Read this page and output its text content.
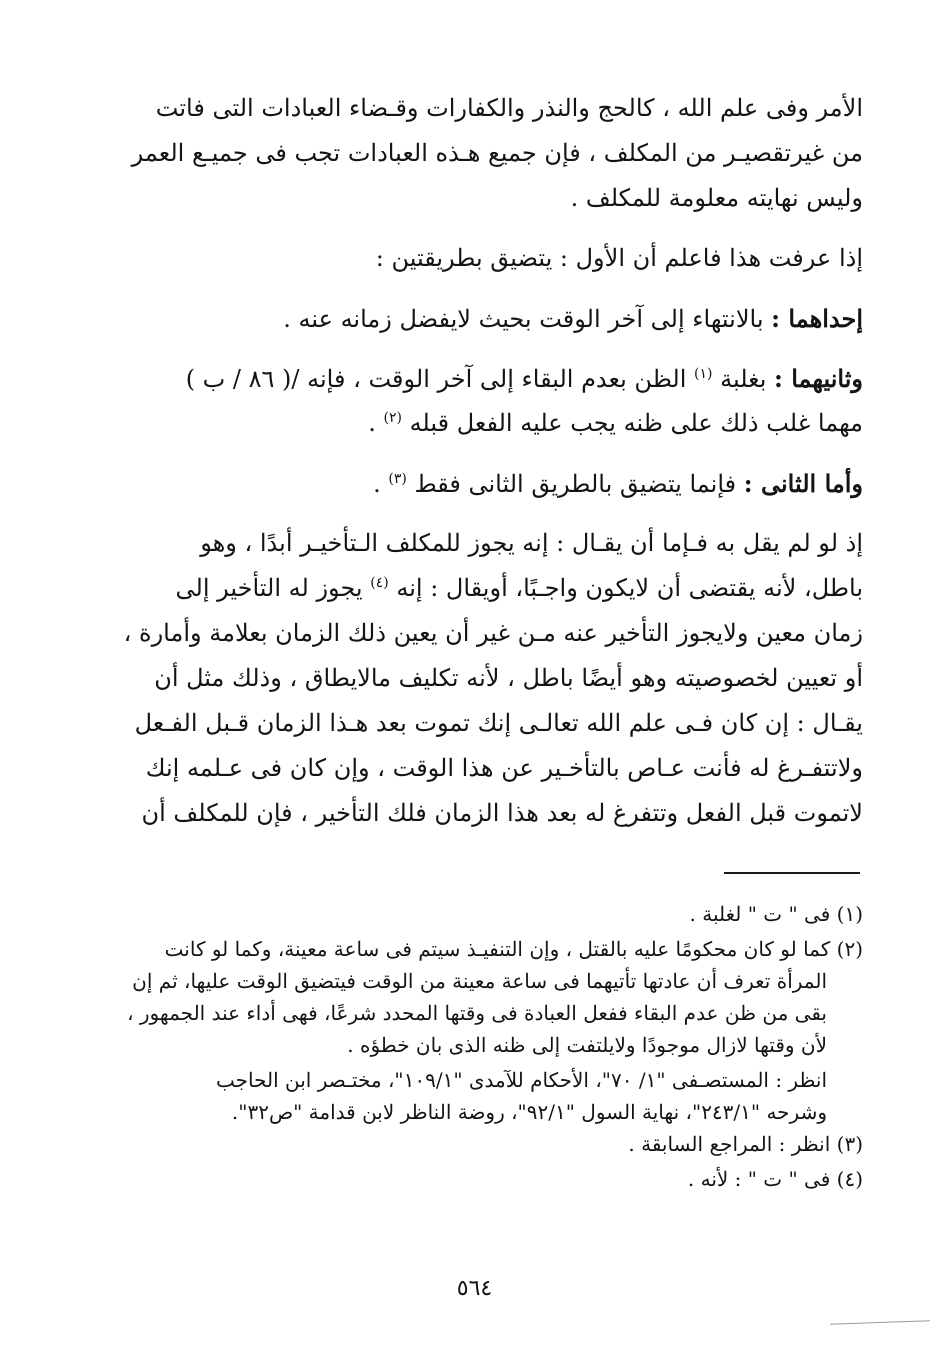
الأمر وفى علم الله ، كالحج والنذر والكفارات وقـضاء العبادات التى فاتت
من غيرتقصيـر من المكلف ، فإن جميع هـذه العبادات تجب فى جميـع العمر
وليس نهايته معلومة للمكلف .
إذا عرفت هذا فاعلم أن الأول : يتضيق بطريقتين :
إحداهما : بالانتهاء إلى آخر الوقت بحيث لايفضل زمانه عنه .
وثانيهما : بغلبة $^{(١)}$ الظن بعدم البقاء إلى آخر الوقت ، فإنه /( ٨٦ / ب )
مهما غلب ذلك على ظنه يجب عليه الفعل قبله $^{(٢)}$ .
وأما الثانى : فإنما يتضيق بالطريق الثانى فقط $^{(٣)}$ .
إذ لو لم يقل به فـإما أن يقـال : إنه يجوز للمكلف الـتأخيـر أبدًا ، وهو
باطل، لأنه يقتضى أن لايكون واجـبًا، أويقال : إنه $^{(٤)}$ يجوز له التأخير إلى
زمان معين ولايجوز التأخير عنه مـن غير أن يعين ذلك الزمان بعلامة وأمارة ،
أو تعيين لخصوصيته وهو أيضًا باطل ، لأنه تكليف مالايطاق ، وذلك مثل أن
يقـال : إن كان فـى علم الله تعالـى إنك تموت بعد هـذا الزمان قـبل الفـعل
ولاتتفـرغ له فأنت عـاص بالتأخـير عن هذا الوقت ، وإن كان فى عـلمه إنك
لاتموت قبل الفعل وتتفرغ له بعد هذا الزمان فلك التأخير ، فإن للمكلف أن
(١) فى " ت " لغلبة .
(٢) كما لو كان محكومًا عليه بالقتل ، وإن التنفيـذ سيتم فى ساعة معينة، وكما لو كانت
المرأة تعرف أن عادتها تأتيهما فى ساعة معينة من الوقت فيتضيق الوقت عليها، ثم إن
بقى من ظن عدم البقاء ففعل العبادة فى وقتها المحدد شرعًا، فهى أداء عند الجمهور ،
لأن وقتها لازال موجودًا ولايلتفت إلى ظنه الذى بان خطؤه .
انظر : المستصـفى "١/ ٧٠"، الأحكام للآمدى "١٠٩/١"، مختـصر ابن الحاجب
وشرحه "٢٤٣/١"، نهاية السول "٩٢/١"، روضة الناظر لابن قدامة "ص٣٢".
(٣) انظر : المراجع السابقة .
(٤) فى " ت " : لأنه .
٥٦٤
